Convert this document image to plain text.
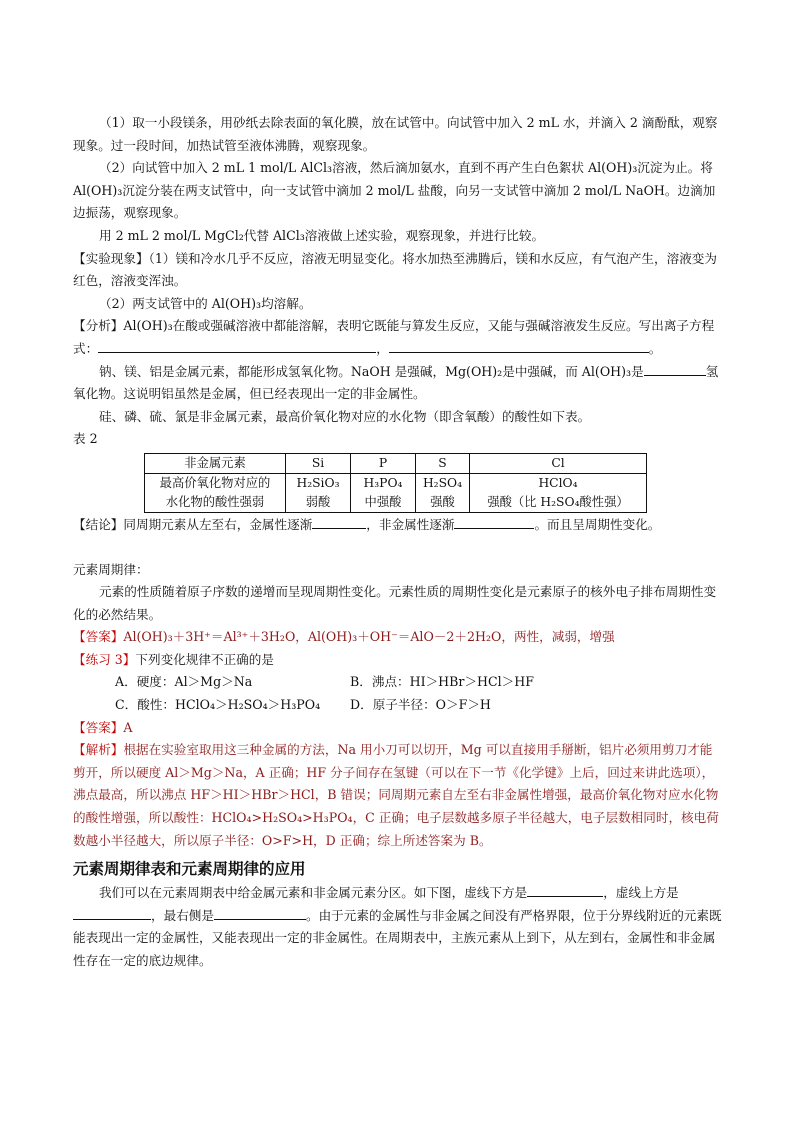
（1）取一小段镁条，用砂纸去除表面的氧化膜，放在试管中。向试管中加入 2 mL 水，并滴入 2 滴酚酞，观察现象。过一段时间，加热试管至液体沸腾，观察现象。

（2）向试管中加入 2 mL 1 mol/L AlCl₃溶液，然后滴加氨水，直到不再产生白色絮状 Al(OH)₃沉淀为止。将 Al(OH)₃沉淀分装在两支试管中，向一支试管中滴加 2 mol/L 盐酸，向另一支试管中滴加 2 mol/L NaOH。边滴加边振荡，观察现象。

用 2 mL 2 mol/L MgCl₂代替 AlCl₃溶液做上述实验，观察现象，并进行比较。

【实验现象】（1）镁和冷水几乎不反应，溶液无明显变化。将水加热至沸腾后，镁和水反应，有气泡产生，溶液变为红色，溶液变浑浊。

（2）两支试管中的 Al(OH)₃均溶解。

【分析】Al(OH)₃在酸或强碱溶液中都能溶解，表明它既能与算发生反应，又能与强碱溶液发生反应。写出离子方程式：	，	。

钠、镁、铝是金属元素，都能形成氢氧化物。NaOH 是强碱，Mg(OH)₂是中强碱，而 Al(OH)₃是	氢氧化物。这说明铝虽然是金属，但已经表现出一定的非金属性。

硅、磷、硫、氯是非金属元素，最高价氧化物对应的水化物（即含氧酸）的酸性如下表。

表 2

非金属元素	Si	P	S	Cl
最高价氧化物对应的	H₂SiO₃	H₃PO₄	H₂SO₄	HClO₄
水化物的酸性强弱	弱酸	中强酸	强酸	强酸（比 H₂SO₄酸性强）

【结论】同周期元素从左至右，金属性逐渐	，非金属性逐渐	。而且呈周期性变化。

元素周期律：

元素的性质随着原子序数的递增而呈现周期性变化。元素性质的周期性变化是元素原子的核外电子排布周期性变化的必然结果。

【答案】Al(OH)₃＋3H⁺＝Al³⁺＋3H₂O，Al(OH)₃＋OH⁻＝AlO－2＋2H₂O，两性，减弱，增强

【练习 3】下列变化规律不正确的是

A．硬度：Al＞Mg＞Na	B．沸点：HI＞HBr＞HCl＞HF
C．酸性：HClO₄＞H₂SO₄＞H₃PO₄	D．原子半径：O＞F＞H

【答案】A

【解析】根据在实验室取用这三种金属的方法，Na 用小刀可以切开，Mg 可以直接用手掰断，铝片必须用剪刀才能剪开，所以硬度 Al＞Mg＞Na，A 正确；HF 分子间存在氢键（可以在下一节《化学键》上后，回过来讲此选项），沸点最高，所以沸点 HF＞HI＞HBr＞HCl，B 错误；同周期元素自左至右非金属性增强，最高价氧化物对应水化物的酸性增强，所以酸性：HClO₄>H₂SO₄>H₃PO₄，C 正确；电子层数越多原子半径越大，电子层数相同时，核电荷数越小半径越大，所以原子半径：O>F>H，D 正确；综上所述答案为 B。

元素周期律表和元素周期律的应用

我们可以在元素周期表中给金属元素和非金属元素分区。如下图，虚线下方是	，虚线上方是，最右侧是	。由于元素的金属性与非金属之间没有严格界限，位于分界线附近的元素既能表现出一定的金属性，又能表现出一定的非金属性。在周期表中，主族元素从上到下，从左到右，金属性和非金属性存在一定的底边规律。
